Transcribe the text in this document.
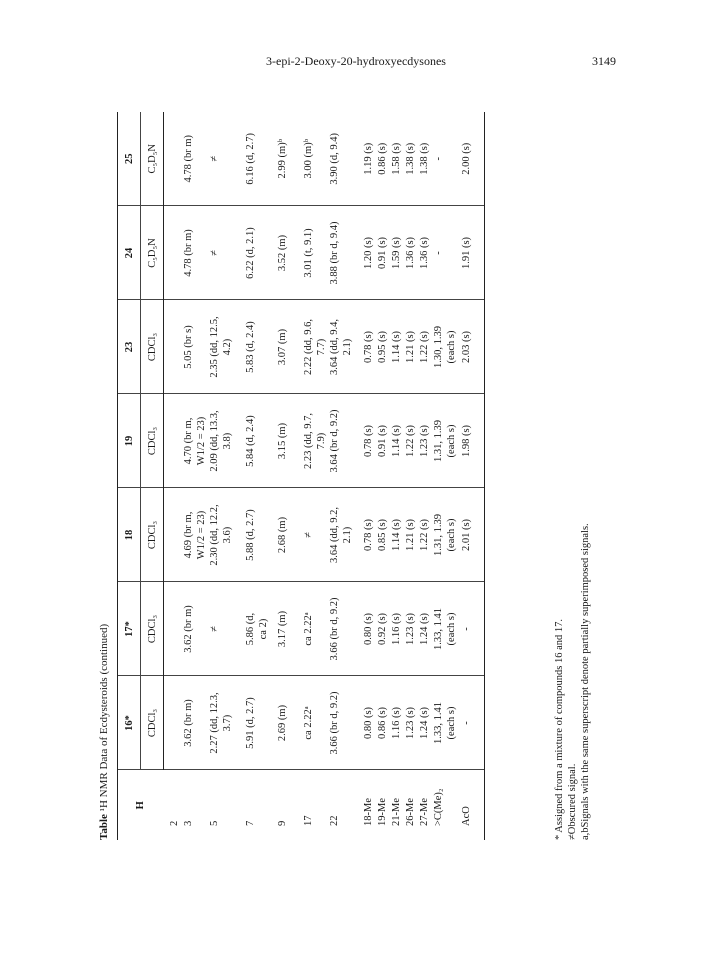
3-epi-2-Deoxy-20-hydroxyecdysones	3149
Table ¹H NMR Data of Ecdysteroids (continued) H	16*	17*	18	19	23	24	25
	CDCl₃	CDCl₃	CDCl₃	CDCl₃	CDCl₃	C₅D₅N	C₅D₅N
2							
3	3.62 (br m)	3.62 (br m)	4.69 (br m,
W1/2 = 23)	4.70 (br m,
W1/2 = 23)	5.05 (br s)	4.78 (br m)	4.78 (br m)
5	2.27 (dd, 12.3,
3.7)	≠	2.30 (dd, 12.2,
3.6)	2.09 (dd, 13.3,
3.8)	2.35 (dd, 12.5,
4.2)	≠	≠
7	5.91 (d, 2.7)	5.86 (d,
ca 2)	5.88 (d, 2.7)	5.84 (d, 2.4)	5.83 (d, 2.4)	6.22 (d, 2.1)	6.16 (d, 2.7)
9	2.69 (m)	3.17 (m)	2.68 (m)	3.15 (m)	3.07 (m)	3.52 (m)	2.99 (m)ᵇ
17	ca 2.22ᵃ	ca 2.22ᵃ	≠	2.23 (dd, 9.7,
7.9)	2.22 (dd, 9.6,
7.7)	3.01 (t, 9.1)	3.00 (m)ᵇ
22	3.66 (br d, 9.2)	3.66 (br d, 9.2)	3.64 (dd, 9.2,
2.1)	3.64 (br d, 9.2)	3.64 (dd, 9.4,
2.1)	3.88 (br d, 9.4)	3.90 (d, 9.4)
18-Me	0.80 (s)	0.80 (s)	0.78 (s)	0.78 (s)	0.78 (s)	1.20 (s)	1.19 (s)
19-Me	0.86 (s)	0.92 (s)	0.85 (s)	0.91 (s)	0.95 (s)	0.91 (s)	0.86 (s)
21-Me	1.16 (s)	1.16 (s)	1.14 (s)	1.14 (s)	1.14 (s)	1.59 (s)	1.58 (s)
26-Me	1.23 (s)	1.23 (s)	1.21 (s)	1.22 (s)	1.21 (s)	1.36 (s)	1.38 (s)
27-Me	1.24 (s)	1.24 (s)	1.22 (s)	1.23 (s)	1.22 (s)	1.36 (s)	1.38 (s)
>C(Me)₂	1.33, 1.41
(each s)	1.33, 1.41
(each s)	1.31, 1.39
(each s)	1.31, 1.39
(each s)	1.30, 1.39
(each s)	-	-
AcO	-	-	2.01 (s)	1.98 (s)	2.03 (s)	1.91 (s)	2.00 (s)
* Assigned from a mixture of compounds 16 and 17. ≠Obscured signal. a,bSignals with the same superscript denote partially superimposed signals.
